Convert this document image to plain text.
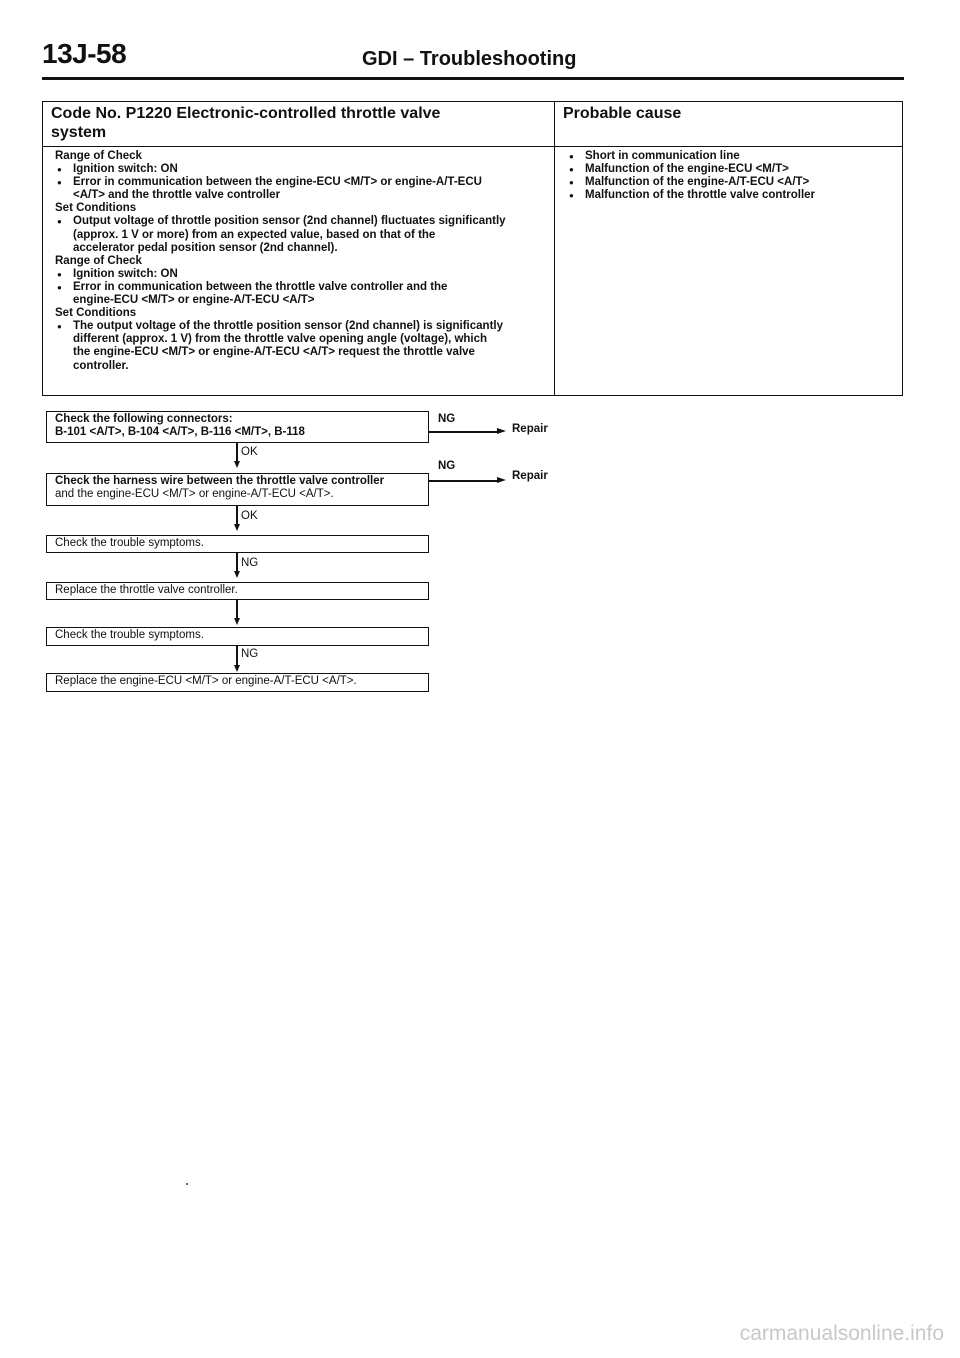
13J-58	GDI – Troubleshooting
Code No. P1220 Electronic-controlled throttle valve
system
Range of Check
● Ignition switch: ON
● Error in communication between the engine-ECU <M/T> or engine-A/T-ECU
<A/T> and the throttle valve controller
Set Conditions
● Output voltage of throttle position sensor (2nd channel) fluctuates significantly
(approx. 1 V or more) from an expected value, based on that of the
accelerator pedal position sensor (2nd channel).
Range of Check
● Ignition switch: ON
● Error in communication between the throttle valve controller and the
engine-ECU <M/T> or engine-A/T-ECU <A/T>
Set Conditions
● The output voltage of the throttle position sensor (2nd channel) is significantly
different (approx. 1 V) from the throttle valve opening angle (voltage), which
the engine-ECU <M/T> or engine-A/T-ECU <A/T> request the throttle valve
controller.
Probable cause
● Short in communication line
● Malfunction of the engine-ECU <M/T>
● Malfunction of the engine-A/T-ECU <A/T>
● Malfunction of the throttle valve controller
Check the following connectors:
B-101 <A/T>, B-104 <A/T>, B-116 <M/T>, B-118
NG
Repair
OK
Check the harness wire between the throttle valve controller
and the engine-ECU <M/T> or engine-A/T-ECU <A/T>.
NG
Repair
OK
Check the trouble symptoms.
NG
Replace the throttle valve controller.
Check the trouble symptoms.
NG
Replace the engine-ECU <M/T> or engine-A/T-ECU <A/T>.
carmanualsonline.info
